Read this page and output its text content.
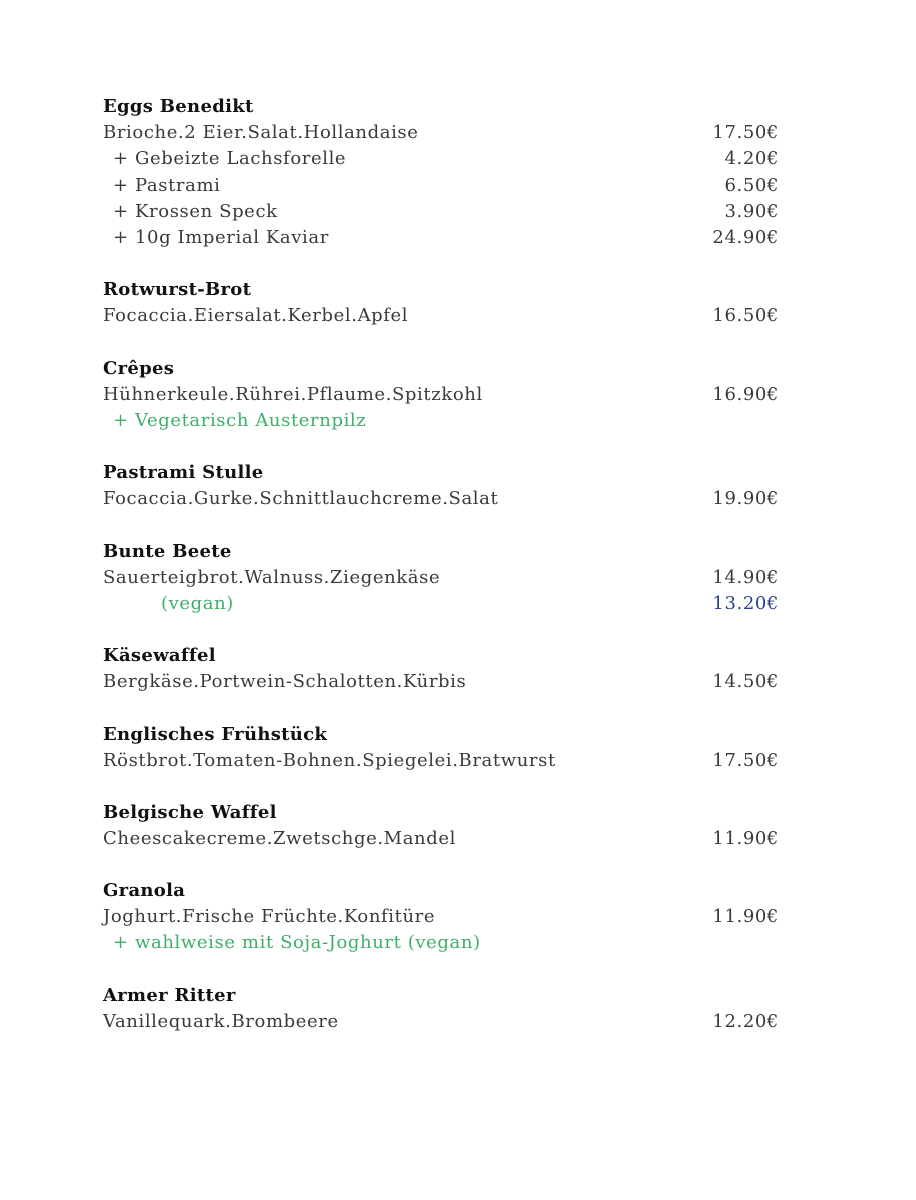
Eggs Benedikt
Brioche.2 Eier.Salat.Hollandaise	17.50€
+ Gebeizte Lachsforelle	4.20€
+ Pastrami	6.50€
+ Krossen Speck	3.90€
+ 10g Imperial Kaviar	24.90€
Rotwurst-Brot
Focaccia.Eiersalat.Kerbel.Apfel	16.50€
Crêpes
Hühnerkeule.Rührei.Pflaume.Spitzkohl	16.90€
+ Vegetarisch Austernpilz
Pastrami Stulle
Focaccia.Gurke.Schnittlauchcreme.Salat	19.90€
Bunte Beete
Sauerteigbrot.Walnuss.Ziegenkäse	14.90€
(vegan)	13.20€
Käsewaffel
Bergkäse.Portwein-Schalotten.Kürbis	14.50€
Englisches Frühstück
Röstbrot.Tomaten-Bohnen.Spiegelei.Bratwurst	17.50€
Belgische Waffel
Cheescakecreme.Zwetschge.Mandel	11.90€
Granola
Joghurt.Frische Früchte.Konfitüre	11.90€
+ wahlweise mit Soja-Joghurt (vegan)
Armer Ritter
Vanillequark.Brombeere	12.20€
